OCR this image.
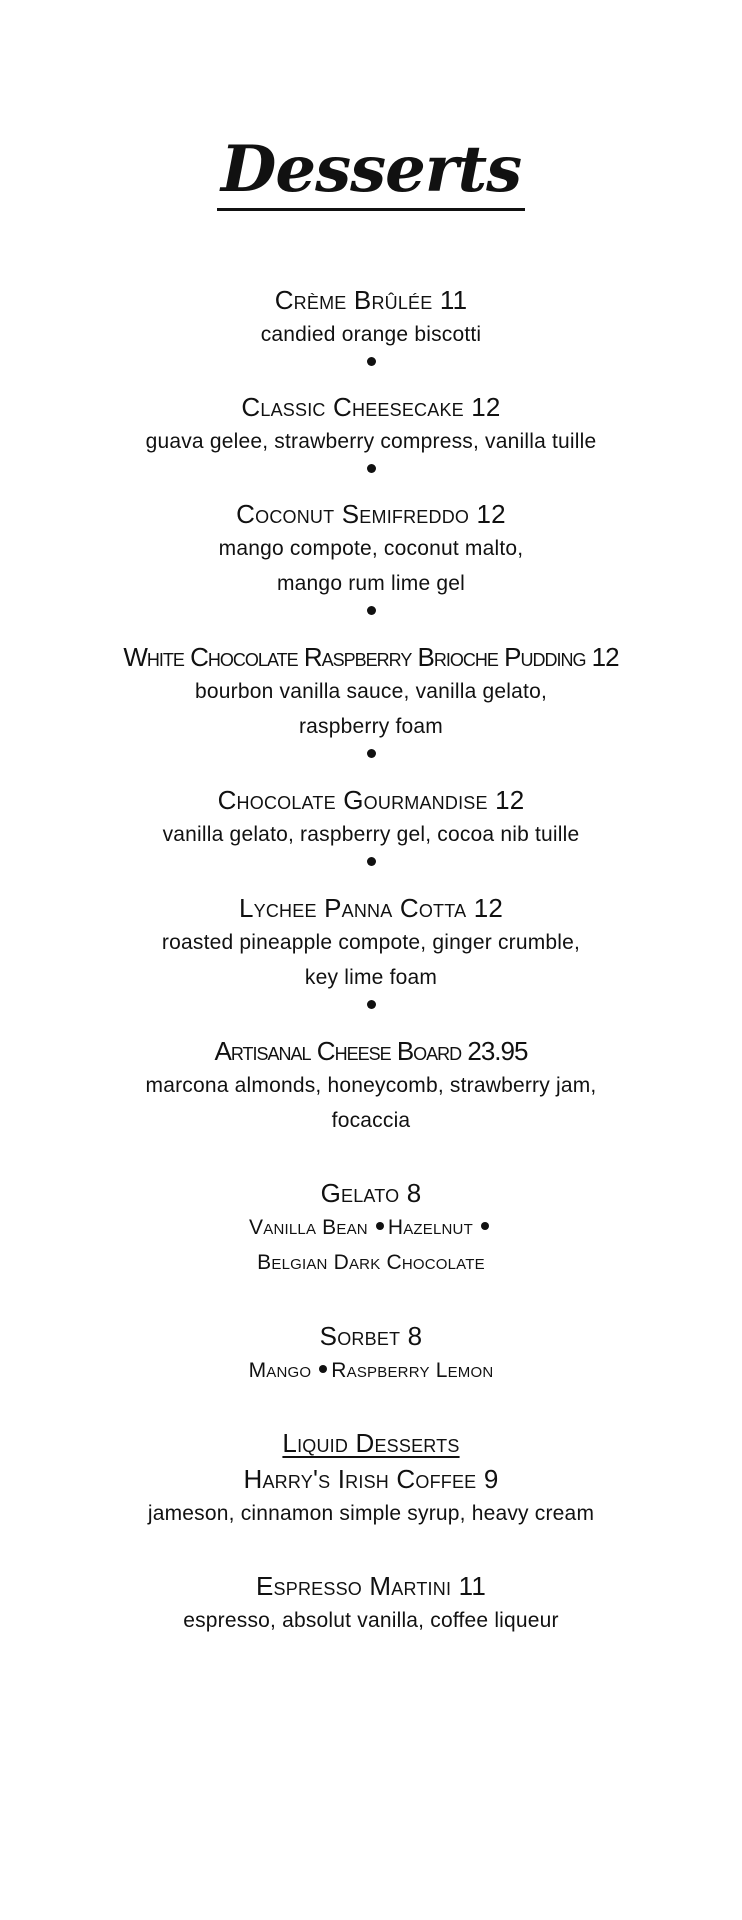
Desserts
Crème Brûlée 11
candied orange biscotti
Classic Cheesecake 12
guava gelee, strawberry compress, vanilla tuille
Coconut Semifreddo 12
mango compote, coconut malto,
mango rum lime gel
White Chocolate Raspberry Brioche Pudding 12
bourbon vanilla sauce, vanilla gelato,
raspberry foam
Chocolate Gourmandise 12
vanilla gelato, raspberry gel, cocoa nib tuille
Lychee Panna Cotta 12
roasted pineapple compote, ginger crumble,
key lime foam
Artisanal Cheese Board 23.95
marcona almonds, honeycomb, strawberry jam,
focaccia
Gelato 8
Vanilla Bean Hazelnut
Belgian Dark Chocolate
Sorbet 8
Mango Raspberry Lemon
Liquid Desserts
Harry's Irish Coffee 9
jameson, cinnamon simple syrup, heavy cream
Espresso Martini 11
espresso, absolut vanilla, coffee liqueur
